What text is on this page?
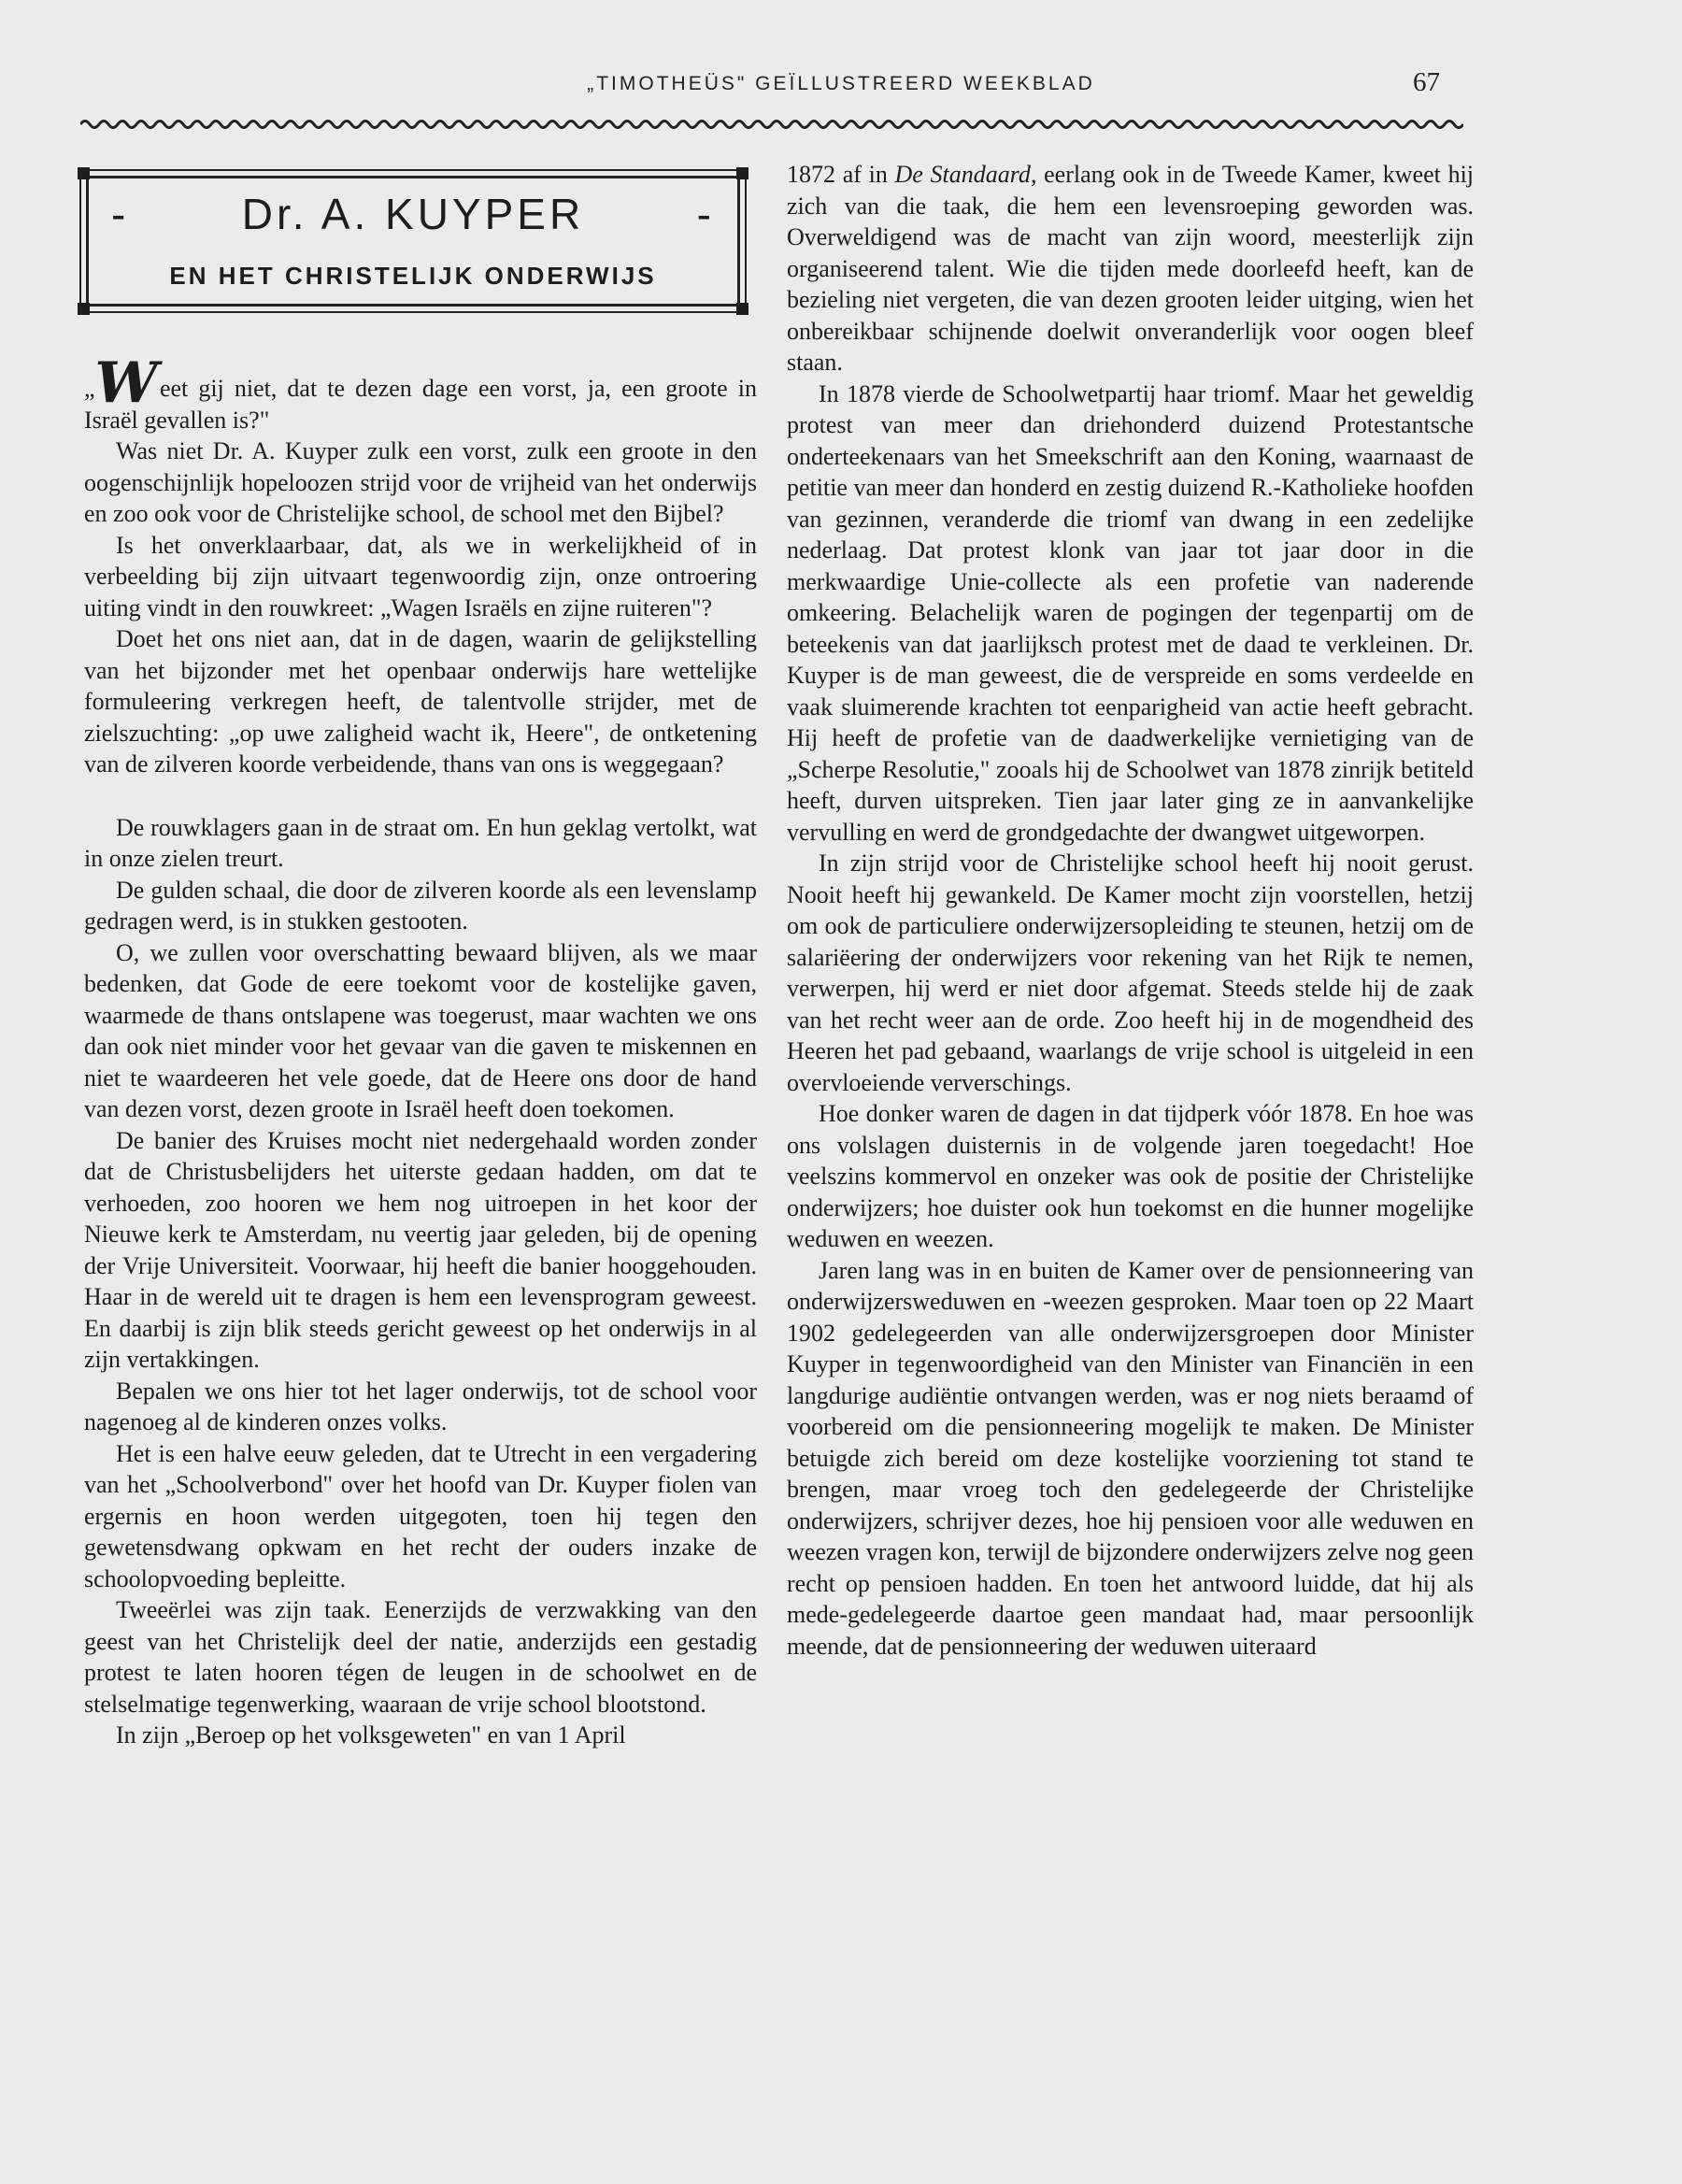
„TIMOTHEÜS" GEÏLLUSTREERD WEEKBLAD	67
-	Dr. A. KUYPER	-
EN HET CHRISTELIJK ONDERWIJS

„Weet gij niet, dat te dezen dage een vorst, ja, een groote in Israël gevallen is?"

Was niet Dr. A. Kuyper zulk een vorst, zulk een groote in den oogenschijnlijk hopeloozen strijd voor de vrijheid van het onderwijs en zoo ook voor de Christelijke school, de school met den Bijbel?

Is het onverklaarbaar, dat, als we in werkelijkheid of in verbeelding bij zijn uitvaart tegenwoordig zijn, onze ontroering uiting vindt in den rouwkreet: „Wagen Israëls en zijne ruiteren"?

Doet het ons niet aan, dat in de dagen, waarin de gelijkstelling van het bijzonder met het openbaar onderwijs hare wettelijke formuleering verkregen heeft, de talentvolle strijder, met de zielszuchting: „op uwe zaligheid wacht ik, Heere", de ontketening van de zilveren koorde verbeidende, thans van ons is weggegaan?

De rouwklagers gaan in de straat om. En hun geklag vertolkt, wat in onze zielen treurt.

De gulden schaal, die door de zilveren koorde als een levenslamp gedragen werd, is in stukken gestooten.

O, we zullen voor overschatting bewaard blijven, als we maar bedenken, dat Gode de eere toekomt voor de kostelijke gaven, waarmede de thans ontslapene was toegerust, maar wachten we ons dan ook niet minder voor het gevaar van die gaven te miskennen en niet te waardeeren het vele goede, dat de Heere ons door de hand van dezen vorst, dezen groote in Israël heeft doen toekomen.

De banier des Kruises mocht niet nedergehaald worden zonder dat de Christusbelijders het uiterste gedaan hadden, om dat te verhoeden, zoo hooren we hem nog uitroepen in het koor der Nieuwe kerk te Amsterdam, nu veertig jaar geleden, bij de opening der Vrije Universiteit. Voorwaar, hij heeft die banier hooggehouden. Haar in de wereld uit te dragen is hem een levensprogram geweest. En daarbij is zijn blik steeds gericht geweest op het onderwijs in al zijn vertakkingen.

Bepalen we ons hier tot het lager onderwijs, tot de school voor nagenoeg al de kinderen onzes volks.

Het is een halve eeuw geleden, dat te Utrecht in een vergadering van het „Schoolverbond" over het hoofd van Dr. Kuyper fiolen van ergernis en hoon werden uitgegoten, toen hij tegen den gewetensdwang opkwam en het recht der ouders inzake de schoolopvoeding bepleitte.

Tweeërlei was zijn taak. Eenerzijds de verzwakking van den geest van het Christelijk deel der natie, anderzijds een gestadig protest te laten hooren tégen de leugen in de schoolwet en de stelselmatige tegenwerking, waaraan de vrije school blootstond.

In zijn „Beroep op het volksgeweten" en van 1 April

1872 af in De Standaard, eerlang ook in de Tweede Kamer, kweet hij zich van die taak, die hem een levensroeping geworden was. Overweldigend was de macht van zijn woord, meesterlijk zijn organiseerend talent. Wie die tijden mede doorleefd heeft, kan de bezieling niet vergeten, die van dezen grooten leider uitging, wien het onbereikbaar schijnende doelwit onveranderlijk voor oogen bleef staan.

In 1878 vierde de Schoolwetpartij haar triomf. Maar het geweldig protest van meer dan driehonderd duizend Protestantsche onderteekenaars van het Smeekschrift aan den Koning, waarnaast de petitie van meer dan honderd en zestig duizend R.-Katholieke hoofden van gezinnen, veranderde die triomf van dwang in een zedelijke nederlaag. Dat protest klonk van jaar tot jaar door in die merkwaardige Unie-collecte als een profetie van naderende omkeering. Belachelijk waren de pogingen der tegenpartij om de beteekenis van dat jaarlijksch protest met de daad te verkleinen. Dr. Kuyper is de man geweest, die de verspreide en soms verdeelde en vaak sluimerende krachten tot eenparigheid van actie heeft gebracht. Hij heeft de profetie van de daadwerkelijke vernietiging van de „Scherpe Resolutie," zooals hij de Schoolwet van 1878 zinrijk betiteld heeft, durven uitspreken. Tien jaar later ging ze in aanvankelijke vervulling en werd de grondgedachte der dwangwet uitgeworpen.

In zijn strijd voor de Christelijke school heeft hij nooit gerust. Nooit heeft hij gewankeld. De Kamer mocht zijn voorstellen, hetzij om ook de particuliere onderwijzersopleiding te steunen, hetzij om de salariëering der onderwijzers voor rekening van het Rijk te nemen, verwerpen, hij werd er niet door afgemat. Steeds stelde hij de zaak van het recht weer aan de orde. Zoo heeft hij in de mogendheid des Heeren het pad gebaand, waarlangs de vrije school is uitgeleid in een overvloeiende ververschings.

Hoe donker waren de dagen in dat tijdperk vóór 1878. En hoe was ons volslagen duisternis in de volgende jaren toegedacht! Hoe veelszins kommervol en onzeker was ook de positie der Christelijke onderwijzers; hoe duister ook hun toekomst en die hunner mogelijke weduwen en weezen.

Jaren lang was in en buiten de Kamer over de pensionneering van onderwijzersweduwen en -weezen gesproken. Maar toen op 22 Maart 1902 gedelegeerden van alle onderwijzersgroepen door Minister Kuyper in tegenwoordigheid van den Minister van Financiën in een langdurige audiëntie ontvangen werden, was er nog niets beraamd of voorbereid om die pensionneering mogelijk te maken. De Minister betuigde zich bereid om deze kostelijke voorziening tot stand te brengen, maar vroeg toch den gedelegeerde der Christelijke onderwijzers, schrijver dezes, hoe hij pensioen voor alle weduwen en weezen vragen kon, terwijl de bijzondere onderwijzers zelve nog geen recht op pensioen hadden. En toen het antwoord luidde, dat hij als mede-gedelegeerde daartoe geen mandaat had, maar persoonlijk meende, dat de pensionneering der weduwen uiteraard
